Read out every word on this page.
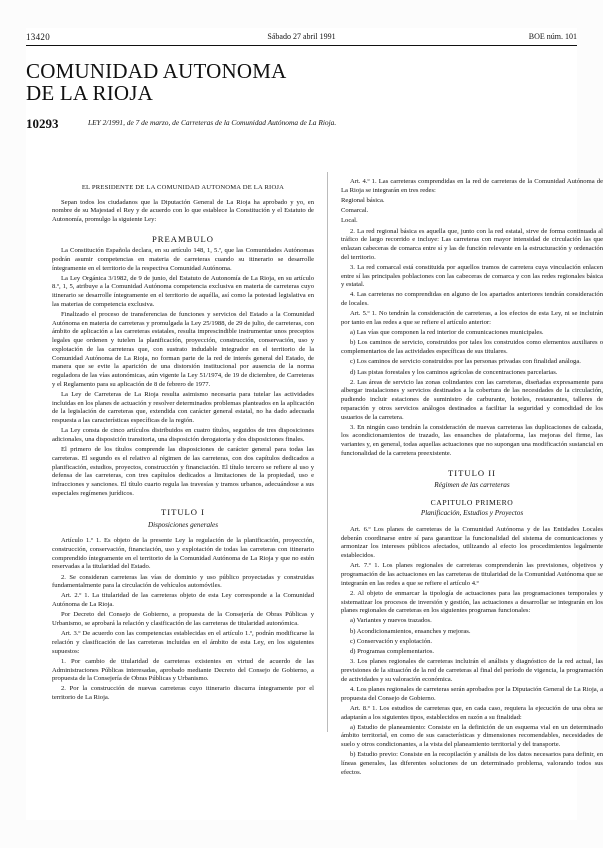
13420	Sábado 27 abril 1991	BOE núm. 101
COMUNIDAD AUTONOMA
DE LA RIOJA
10293	LEY 2/1991, de 7 de marzo, de Carreteras de la Comunidad Autónoma de La Rioja.

EL PRESIDENTE DE LA COMUNIDAD AUTONOMA DE LA RIOJA

Sepan todos los ciudadanos que la Diputación General de La Rioja ha aprobado y yo, en nombre de su Majestad el Rey y de acuerdo con lo que establece la Constitución y el Estatuto de Autonomía, promulgo la siguiente Ley:

PREAMBULO

La Constitución Española declara, en su artículo 148, 1, 5.ª, que las Comunidades Autónomas podrán asumir competencias en materia de carreteras cuando su itinerario se desarrolle íntegramente en el territorio de la respectiva Comunidad Autónoma.

La Ley Orgánica 3/1982, de 9 de junio, del Estatuto de Autonomía de La Rioja, en su artículo 8.º, 1, 5, atribuye a la Comunidad Autónoma competencia exclusiva en materia de carreteras cuyo itinerario se desarrolle íntegramente en el territorio de aquélla, así como la potestad legislativa en las materias de competencia exclusiva.

Finalizado el proceso de transferencias de funciones y servicios del Estado a la Comunidad Autónoma en materia de carreteras y promulgada la Ley 25/1988, de 29 de julio, de carreteras, con ámbito de aplicación a las carreteras estatales, resulta imprescindible instrumentar unos preceptos legales que ordenen y tutelen la planificación, proyección, construcción, conservación, uso y explotación de las carreteras que, con sustrato indudable integrador en el territorio de la Comunidad Autónoma de La Rioja, no forman parte de la red de interés general del Estado, de manera que se evite la aparición de una distorsión institucional por ausencia de la norma reguladora de las vías autonómicas, aún vigente la Ley 51/1974, de 19 de diciembre, de Carreteras y el Reglamento para su aplicación de 8 de febrero de 1977.

La Ley de Carreteras de La Rioja resulta asimismo necesaria para tutelar las actividades incluidas en los planes de actuación y resolver determinados problemas planteados en la aplicación de la legislación de carreteras que, extendida con carácter general estatal, no ha dado adecuada respuesta a las características específicas de la región.

La Ley consta de cinco artículos distribuidos en cuatro títulos, seguidos de tres disposiciones adicionales, una disposición transitoria, una disposición derogatoria y dos disposiciones finales.

El primero de los títulos comprende las disposiciones de carácter general para todas las carreteras. El segundo es el relativo al régimen de las carreteras, con dos capítulos dedicados a planificación, estudios, proyectos, construcción y financiación. El título tercero se refiere al uso y defensa de las carreteras, con tres capítulos dedicados a limitaciones de la propiedad, uso e infracciones y sanciones. El título cuarto regula las travesías y tramos urbanos, adecuándose a sus especiales regímenes jurídicos.

TITULO I

Disposiciones generales

Artículo 1.º 1. Es objeto de la presente Ley la regulación de la planificación, proyección, construcción, conservación, financiación, uso y explotación de todas las carreteras con itinerario comprendido íntegramente en el territorio de la Comunidad Autónoma de La Rioja y que no estén reservadas a la titularidad del Estado.

2. Se consideran carreteras las vías de dominio y uso público proyectadas y construidas fundamentalmente para la circulación de vehículos automóviles.

Art. 2.º 1. La titularidad de las carreteras objeto de esta Ley corresponde a la Comunidad Autónoma de La Rioja.

Por Decreto del Consejo de Gobierno, a propuesta de la Consejería de Obras Públicas y Urbanismo, se aprobará la relación y clasificación de las carreteras de titularidad autonómica.

Art. 3.º De acuerdo con las competencias establecidas en el artículo 1.º, podrán modificarse la relación y clasificación de las carreteras incluidas en el ámbito de esta Ley, en los siguientes supuestos:

1. Por cambio de titularidad de carreteras existentes en virtud de acuerdo de las Administraciones Públicas interesadas, aprobado mediante Decreto del Consejo de Gobierno, a propuesta de la Consejería de Obras Públicas y Urbanismo.

2. Por la construcción de nuevas carreteras cuyo itinerario discurra íntegramente por el territorio de La Rioja.

Art. 4.º 1. Las carreteras comprendidas en la red de carreteras de la Comunidad Autónoma de La Rioja se integrarán en tres redes:

Regional básica.

Comarcal.

Local.

2. La red regional básica es aquella que, junto con la red estatal, sirve de forma continuada al tráfico de largo recorrido e incluye: Las carreteras con mayor intensidad de circulación las que enlazan cabeceras de comarca entre sí y las de función relevante en la estructuración y ordenación del territorio.

3. La red comarcal está constituida por aquellos tramos de carretera cuya vinculación enlacen entre sí las principales poblaciones con las cabeceras de comarca y con las redes regionales básica y estatal.

4. Las carreteras no comprendidas en alguno de los apartados anteriores tendrán consideración de locales.

Art. 5.º 1. No tendrán la consideración de carreteras, a los efectos de esta Ley, ni se incluirán por tanto en las redes a que se refiere el artículo anterior:

a) Las vías que componen la red interior de comunicaciones municipales.

b) Los caminos de servicio, construidos por tales los construidos como elementos auxiliares o complementarios de las actividades específicas de sus titulares.

c) Los caminos de servicio construidos por las personas privadas con finalidad análoga.

d) Las pistas forestales y los caminos agrícolas de concentraciones parcelarias.

2. Las áreas de servicio las zonas colindantes con las carreteras, diseñadas expresamente para albergar instalaciones y servicios destinados a la cobertura de las necesidades de la circulación, pudiendo incluir estaciones de suministro de carburante, hoteles, restaurantes, talleres de reparación y otros servicios análogos destinados a facilitar la seguridad y comodidad de los usuarios de la carretera.

3. En ningún caso tendrán la consideración de nuevas carreteras las duplicaciones de calzada, los acondicionamientos de trazado, las ensanches de plataforma, las mejoras del firme, las variantes y, en general, todas aquellas actuaciones que no supongan una modificación sustancial en funcionalidad de la carretera preexistente.

TITULO II

Régimen de las carreteras

CAPITULO PRIMERO

Planificación, Estudios y Proyectos

Art. 6.º Los planes de carreteras de la Comunidad Autónoma y de las Entidades Locales deberán coordinarse entre sí para garantizar la funcionalidad del sistema de comunicaciones y armonizar los intereses públicos afectados, utilizando al efecto los procedimientos legalmente establecidos.

Art. 7.º 1. Los planes regionales de carreteras comprenderán las previsiones, objetivos y programación de las actuaciones en las carreteras de titularidad de la Comunidad Autónoma que se integrarán en las redes a que se refiere el artículo 4.º

2. Al objeto de enmarcar la tipología de actuaciones para las programaciones temporales y sistematizar los procesos de inversión y gestión, las actuaciones a desarrollar se integrarán en los planes regionales de carreteras en los siguientes programas funcionales:

a) Variantes y nuevos trazados.

b) Acondicionamientos, ensanches y mejoras.

c) Conservación y explotación.

d) Programas complementarios.

3. Los planes regionales de carreteras incluirán el análisis y diagnóstico de la red actual, las previsiones de la situación de la red de carreteras al final del período de vigencia, la programación de actividades y su valoración económica.

4. Los planes regionales de carreteras serán aprobados por la Diputación General de La Rioja, a propuesta del Consejo de Gobierno.

Art. 8.º 1. Los estudios de carreteras que, en cada caso, requiera la ejecución de una obra se adaptarán a los siguientes tipos, establecidos en razón a su finalidad:

a) Estudio de planeamiento: Consiste en la definición de un esquema vial en un determinado ámbito territorial, en como de sus características y dimensiones recomendables, necesidades de suelo y otros condicionantes, a la vista del planeamiento territorial y del transporte.

b) Estudio previo: Consiste en la recopilación y análisis de los datos necesarios para definir, en líneas generales, las diferentes soluciones de un determinado problema, valorando todos sus efectos.
